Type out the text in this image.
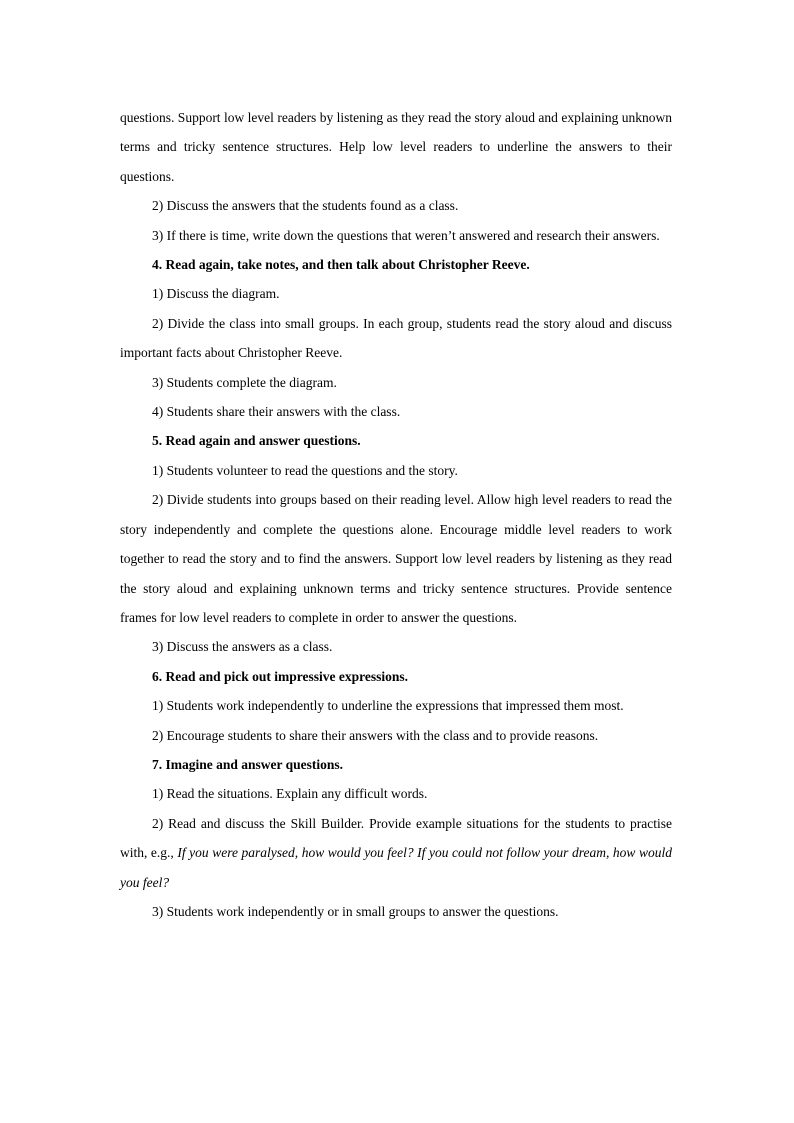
questions. Support low level readers by listening as they read the story aloud and explaining unknown terms and tricky sentence structures. Help low level readers to underline the answers to their questions.

2) Discuss the answers that the students found as a class.

3) If there is time, write down the questions that weren’t answered and research their answers.

4. Read again, take notes, and then talk about Christopher Reeve.

1) Discuss the diagram.

2) Divide the class into small groups. In each group, students read the story aloud and discuss important facts about Christopher Reeve.

3) Students complete the diagram.

4) Students share their answers with the class.

5. Read again and answer questions.

1) Students volunteer to read the questions and the story.

2) Divide students into groups based on their reading level. Allow high level readers to read the story independently and complete the questions alone. Encourage middle level readers to work together to read the story and to find the answers. Support low level readers by listening as they read the story aloud and explaining unknown terms and tricky sentence structures. Provide sentence frames for low level readers to complete in order to answer the questions.

3) Discuss the answers as a class.

6. Read and pick out impressive expressions.

1) Students work independently to underline the expressions that impressed them most.

2) Encourage students to share their answers with the class and to provide reasons.

7. Imagine and answer questions.

1) Read the situations. Explain any difficult words.

2) Read and discuss the Skill Builder. Provide example situations for the students to practise with, e.g., If you were paralysed, how would you feel? If you could not follow your dream, how would you feel?

3) Students work independently or in small groups to answer the questions.
